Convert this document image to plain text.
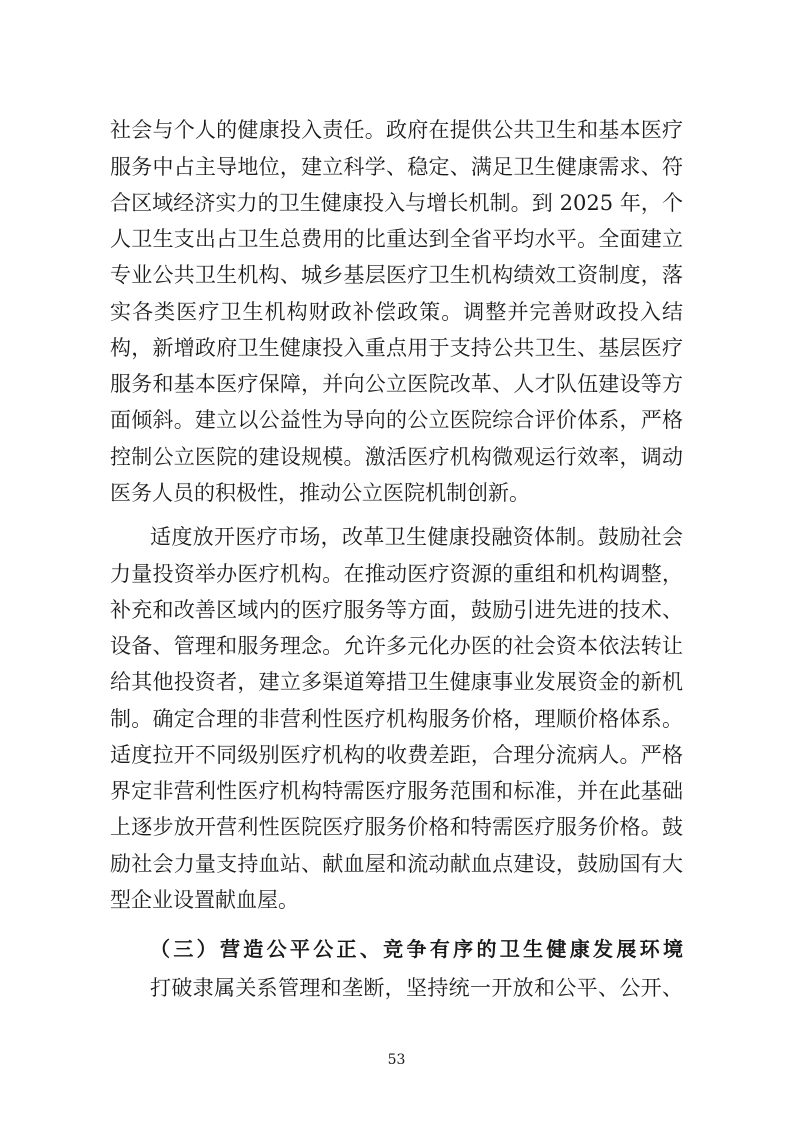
社会与个人的健康投入责任。政府在提供公共卫生和基本医疗
服务中占主导地位，建立科学、稳定、满足卫生健康需求、符
合区域经济实力的卫生健康投入与增长机制。到 2025 年，个
人卫生支出占卫生总费用的比重达到全省平均水平。全面建立
专业公共卫生机构、城乡基层医疗卫生机构绩效工资制度，落
实各类医疗卫生机构财政补偿政策。调整并完善财政投入结
构，新增政府卫生健康投入重点用于支持公共卫生、基层医疗
服务和基本医疗保障，并向公立医院改革、人才队伍建设等方
面倾斜。建立以公益性为导向的公立医院综合评价体系，严格
控制公立医院的建设规模。激活医疗机构微观运行效率，调动
医务人员的积极性，推动公立医院机制创新。
适度放开医疗市场，改革卫生健康投融资体制。鼓励社会
力量投资举办医疗机构。在推动医疗资源的重组和机构调整，
补充和改善区域内的医疗服务等方面，鼓励引进先进的技术、
设备、管理和服务理念。允许多元化办医的社会资本依法转让
给其他投资者，建立多渠道筹措卫生健康事业发展资金的新机
制。确定合理的非营利性医疗机构服务价格，理顺价格体系。
适度拉开不同级别医疗机构的收费差距，合理分流病人。严格
界定非营利性医疗机构特需医疗服务范围和标准，并在此基础
上逐步放开营利性医院医疗服务价格和特需医疗服务价格。鼓
励社会力量支持血站、献血屋和流动献血点建设，鼓励国有大
型企业设置献血屋。
（三）营造公平公正、竞争有序的卫生健康发展环境
打破隶属关系管理和垄断，坚持统一开放和公平、公开、
53
